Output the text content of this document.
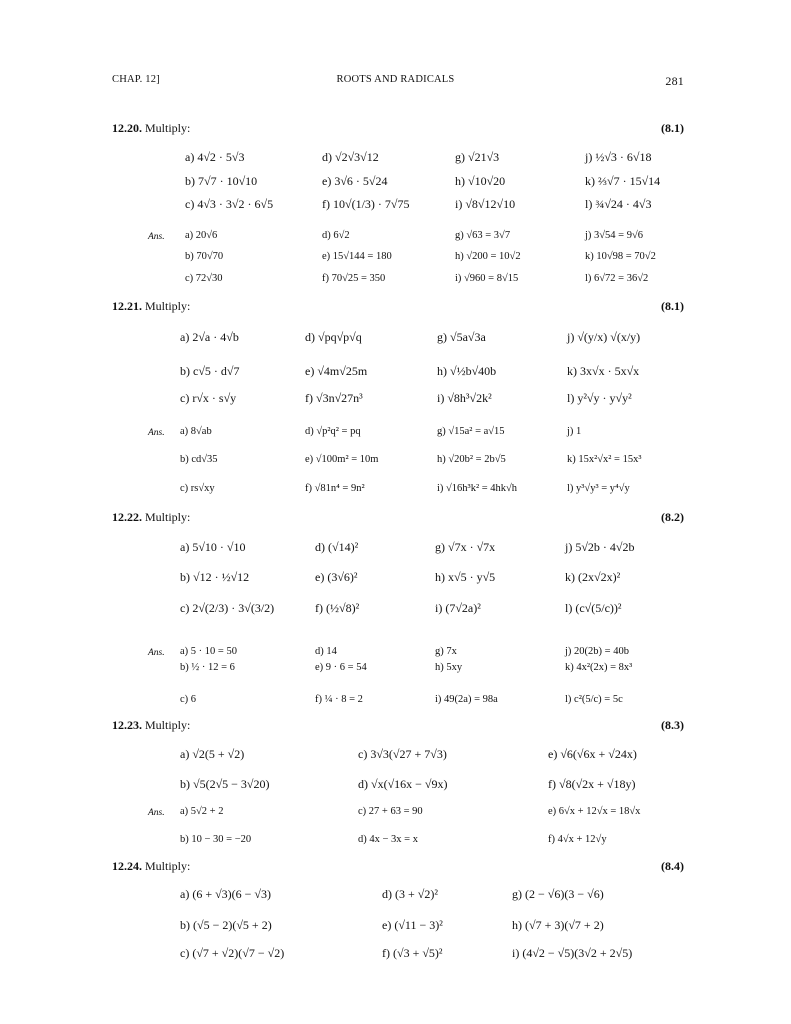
CHAP. 12]	ROOTS AND RADICALS	281
12.20. Multiply:	(8.1)
a) 4√2 · 5√3	d) √2√3√12	g) √21√3	j) ½√3 · 6√18
b) 7√7 · 10√10	e) 3√6 · 5√24	h) √10√20	k) ⅔√7 · 15√14
c) 4√3 · 3√2 · 6√5	f) 10√(1/3) · 7√75	i) √8√12√10	l) ¾√24 · 4√3
Ans. a) 20√6	d) 6√2	g) √63 = 3√7	j) 3√54 = 9√6
b) 70√70	e) 15√144 = 180	h) √200 = 10√2	k) 10√98 = 70√2
c) 72√30	f) 70√25 = 350	i) √960 = 8√15	l) 6√72 = 36√2
12.21. Multiply:	(8.1)
a) 2√a · 4√b	d) √pq√p√q	g) √5a√3a	j) √(y/x) √(x/y)
b) c√5 · d√7	e) √4m√25m	h) √½b√40b	k) 3x√x · 5x√x
c) r√x · s√y	f) √3n√27n³	i) √8h³√2k²	l) y²√y · y√y²
Ans. a) 8√ab	d) √p²q² = pq	g) √15a² = a√15	j) 1
b) cd√35	e) √100m² = 10m	h) √20b² = 2b√5	k) 15x²√x² = 15x³
c) rs√xy	f) √81n⁴ = 9n²	i) √16h³k² = 4hk√h	l) y³√y³ = y⁴√y
12.22. Multiply:	(8.2)
a) 5√10 · √10	d) (√14)²	g) √7x · √7x	j) 5√2b · 4√2b
b) √12 · ½√12	e) (3√6)²	h) x√5 · y√5	k) (2x√2x)²
c) 2√(2/3) · 3√(3/2)	f) (½√8)²	i) (7√2a)²	l) (c√(5/c))²
Ans. a) 5 · 10 = 50	d) 14	g) 7x	j) 20(2b) = 40b
b) ½ · 12 = 6	e) 9 · 6 = 54	h) 5xy	k) 4x²(2x) = 8x³
c) 6	f) ¼ · 8 = 2	i) 49(2a) = 98a	l) c²(5/c) = 5c
12.23. Multiply:	(8.3)
a) √2(5 + √2)	c) 3√3(√27 + 7√3)	e) √6(√6x + √24x)
b) √5(2√5 − 3√20)	d) √x(√16x − √9x)	f) √8(√2x + √18y)
Ans. a) 5√2 + 2	c) 27 + 63 = 90	e) 6√x + 12√x = 18√x
b) 10 − 30 = −20	d) 4x − 3x = x	f) 4√x + 12√y
12.24. Multiply:	(8.4)
a) (6 + √3)(6 − √3)	d) (3 + √2)²	g) (2 − √6)(3 − √6)
b) (√5 − 2)(√5 + 2)	e) (√11 − 3)²	h) (√7 + 3)(√7 + 2)
c) (√7 + √2)(√7 − √2)	f) (√3 + √5)²	i) (4√2 − √5)(3√2 + 2√5)
